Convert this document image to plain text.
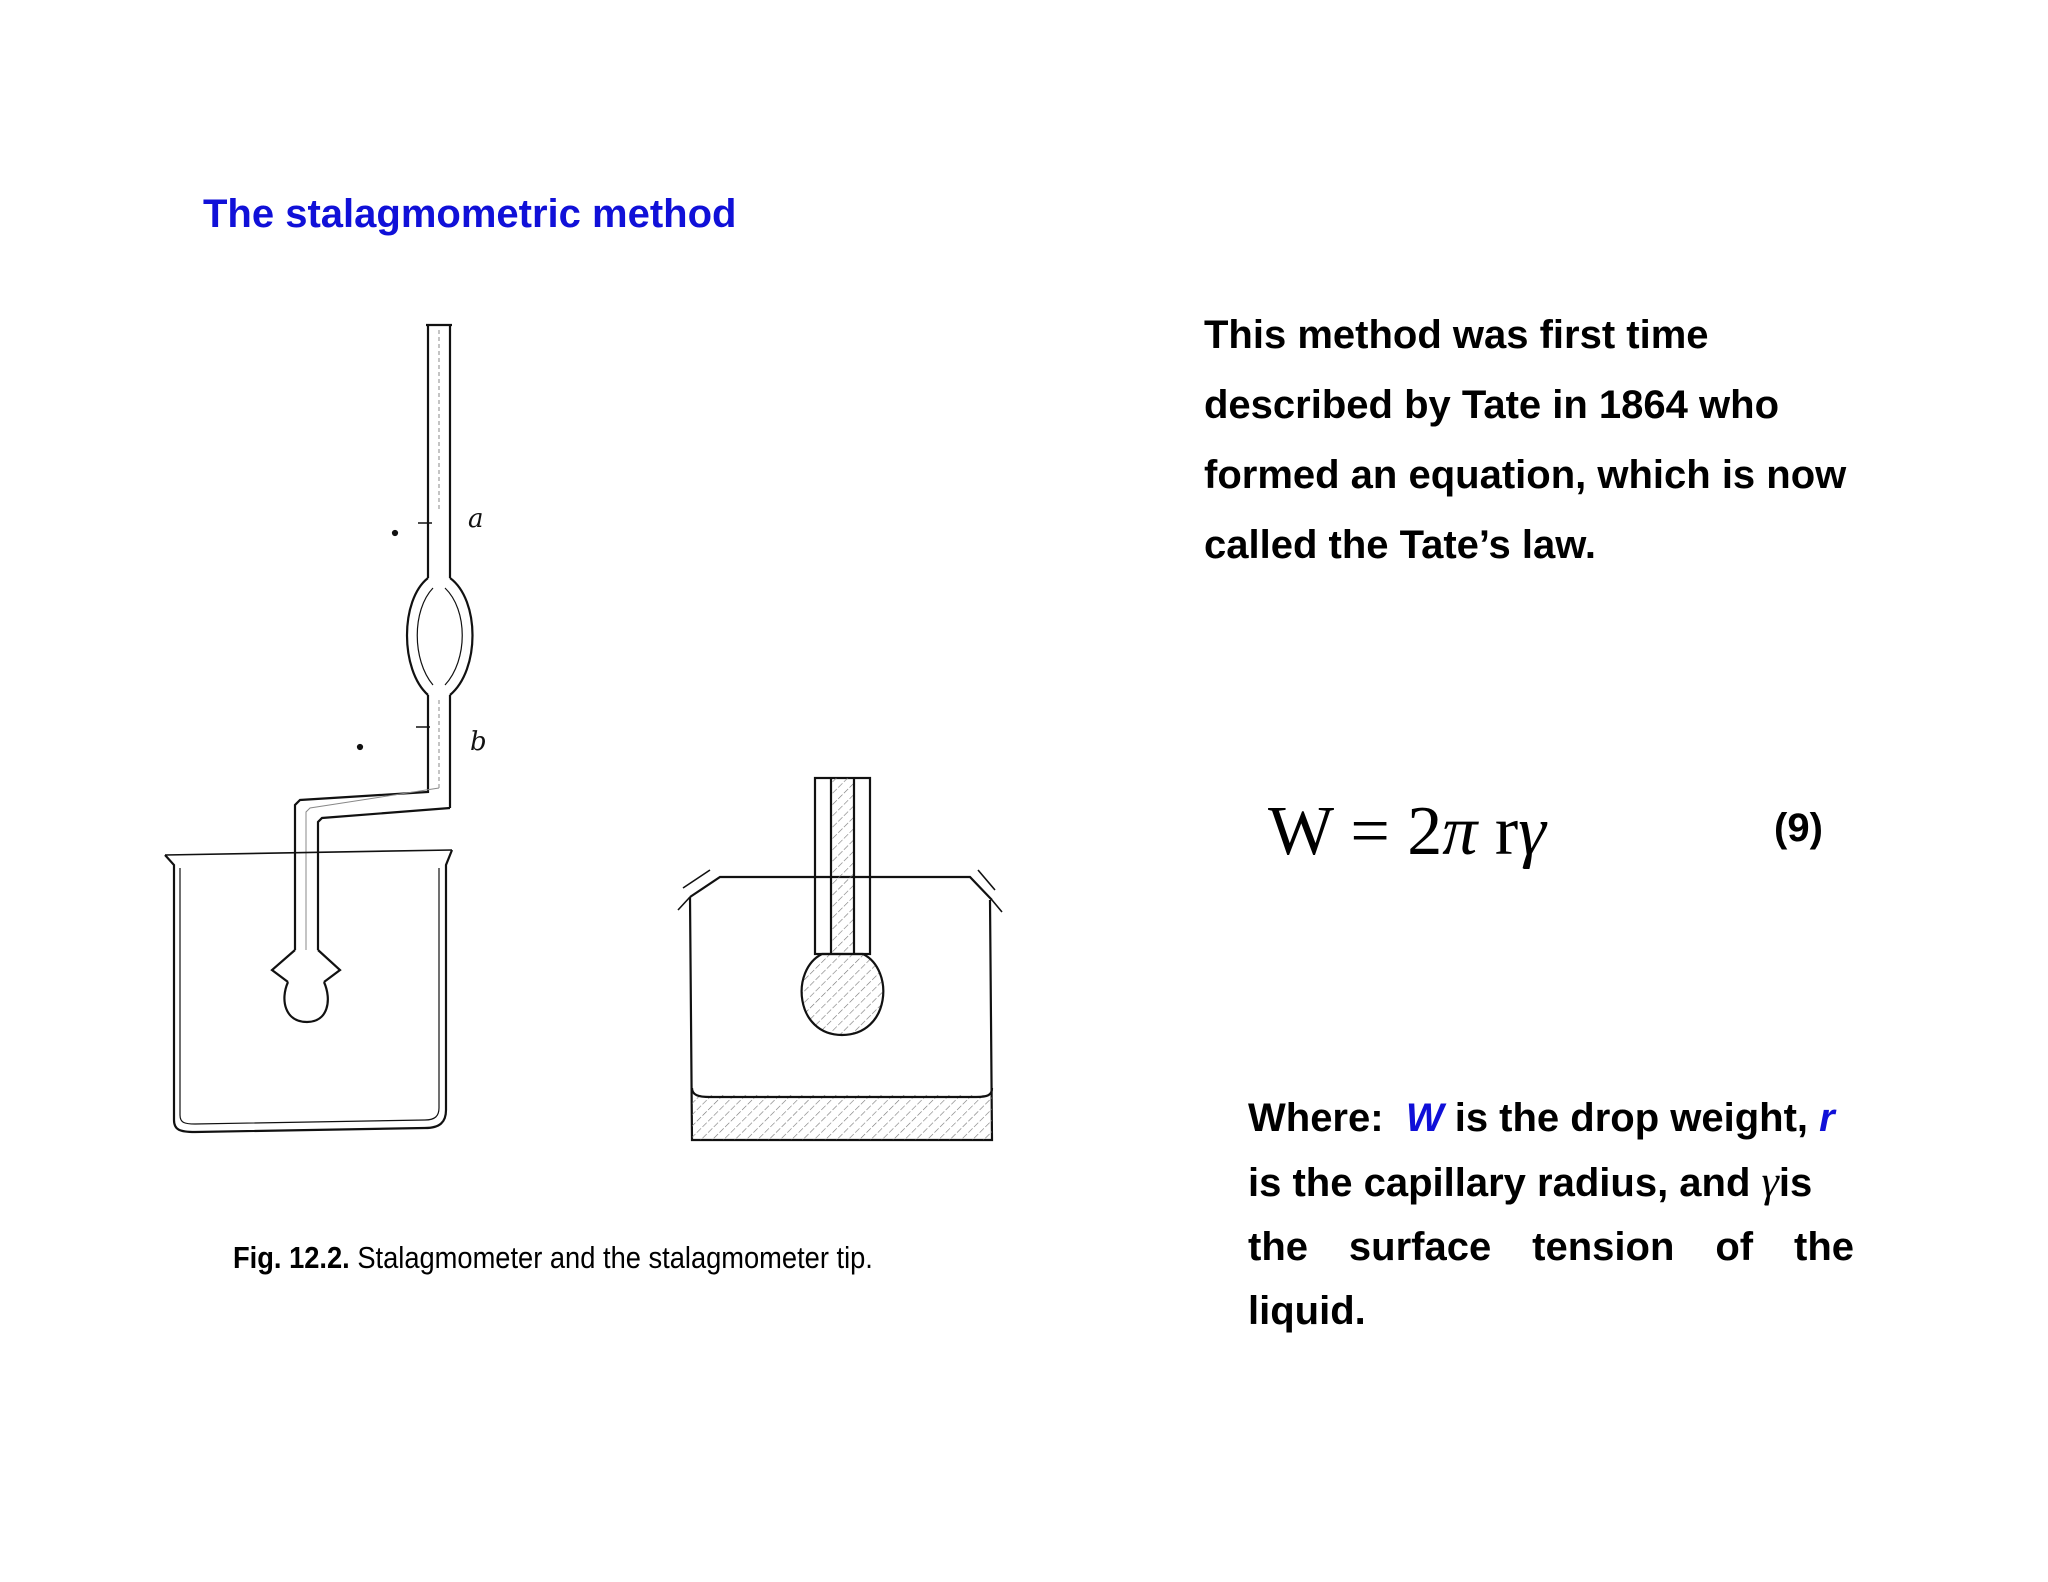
The stalagmometric method
a
b
Fig. 12.2. Stalagmometer and the stalagmometer tip.
This method was first time
described by Tate in 1864 who
formed an equation, which is now
called the Tate’s law.
W = 2π rγ	(9)
Where: W is the drop weight, r
is the capillary radius, and γis
the surface tension of the
liquid.
